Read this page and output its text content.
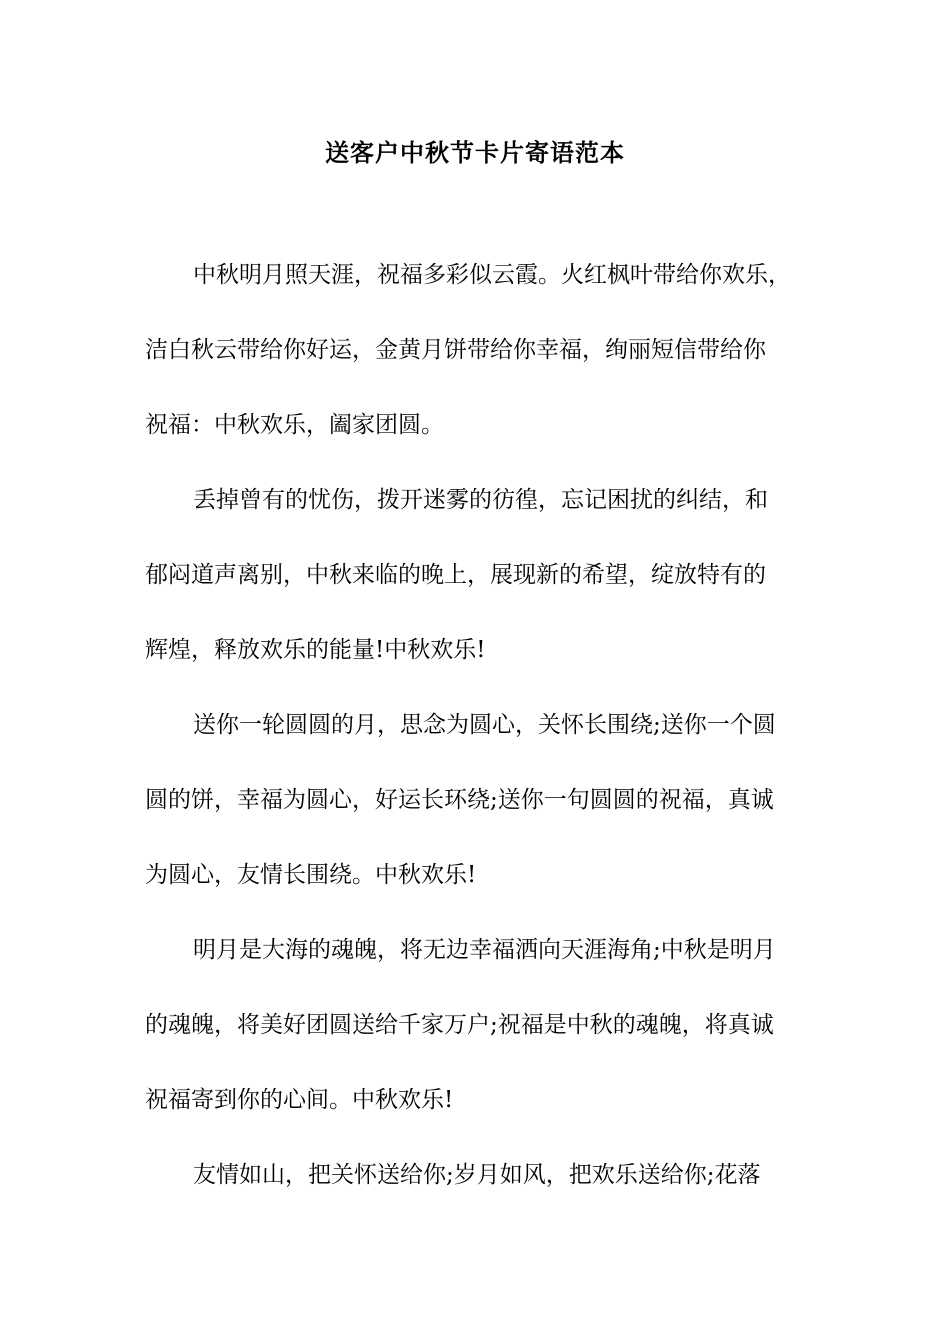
送客户中秋节卡片寄语范本
中秋明月照天涯，祝福多彩似云霞。火红枫叶带给你欢乐，
洁白秋云带给你好运，金黄月饼带给你幸福，绚丽短信带给你
祝福：中秋欢乐，阖家团圆。
丢掉曾有的忧伤，拨开迷雾的彷徨，忘记困扰的纠结，和
郁闷道声离别，中秋来临的晚上，展现新的希望，绽放特有的
辉煌，释放欢乐的能量!中秋欢乐!
送你一轮圆圆的月，思念为圆心，关怀长围绕;送你一个圆
圆的饼，幸福为圆心，好运长环绕;送你一句圆圆的祝福，真诚
为圆心，友情长围绕。中秋欢乐!
明月是大海的魂魄，将无边幸福洒向天涯海角;中秋是明月
的魂魄，将美好团圆送给千家万户;祝福是中秋的魂魄，将真诚
祝福寄到你的心间。中秋欢乐!
友情如山，把关怀送给你;岁月如风，把欢乐送给你;花落
